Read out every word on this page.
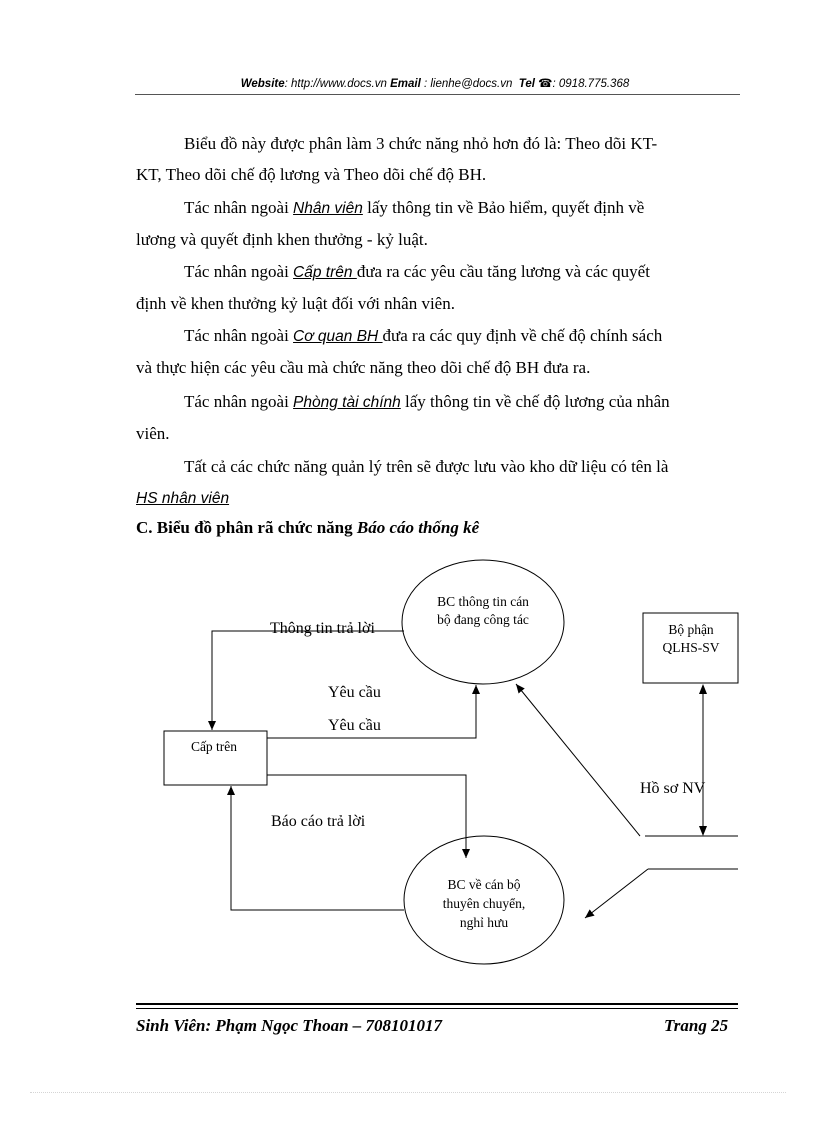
Website: http://www.docs.vn Email : lienhe@docs.vn Tel ☎: 0918.775.368

Biểu đồ này được phân làm 3 chức năng nhỏ hơn đó là: Theo dõi KT-
KT, Theo dõi chế độ lương và Theo dõi chế độ BH.

Tác nhân ngoài Nhân viên lấy thông tin về Bảo hiểm, quyết định về
lương và quyết định khen thưởng - kỷ luật.

Tác nhân ngoài Cấp trên đưa ra các yêu cầu tăng lương và các quyết
định về khen thưởng kỷ luật đối với nhân viên.

Tác nhân ngoài Cơ quan BH đưa ra các quy định về chế độ chính sách
và thực hiện các yêu cầu mà chức năng theo dõi chế độ BH đưa ra.

Tác nhân ngoài Phòng tài chính lấy thông tin về chế độ lương của nhân
viên.

Tất cả các chức năng quản lý trên sẽ được lưu vào kho dữ liệu có tên là
HS nhân viên

C. Biểu đồ phân rã chức năng Báo cáo thống kê

BC thông tin cán
bộ đang công tác
BC về cán bộ
thuyên chuyển,
nghỉ hưu
Cấp trên
Bộ phận
QLHS-SV
Hồ sơ NV
Thông tin trả lời
Yêu cầu
Yêu cầu
Báo cáo trả lời
Sinh Viên: Phạm Ngọc Thoan – 708101017	Trang 25
